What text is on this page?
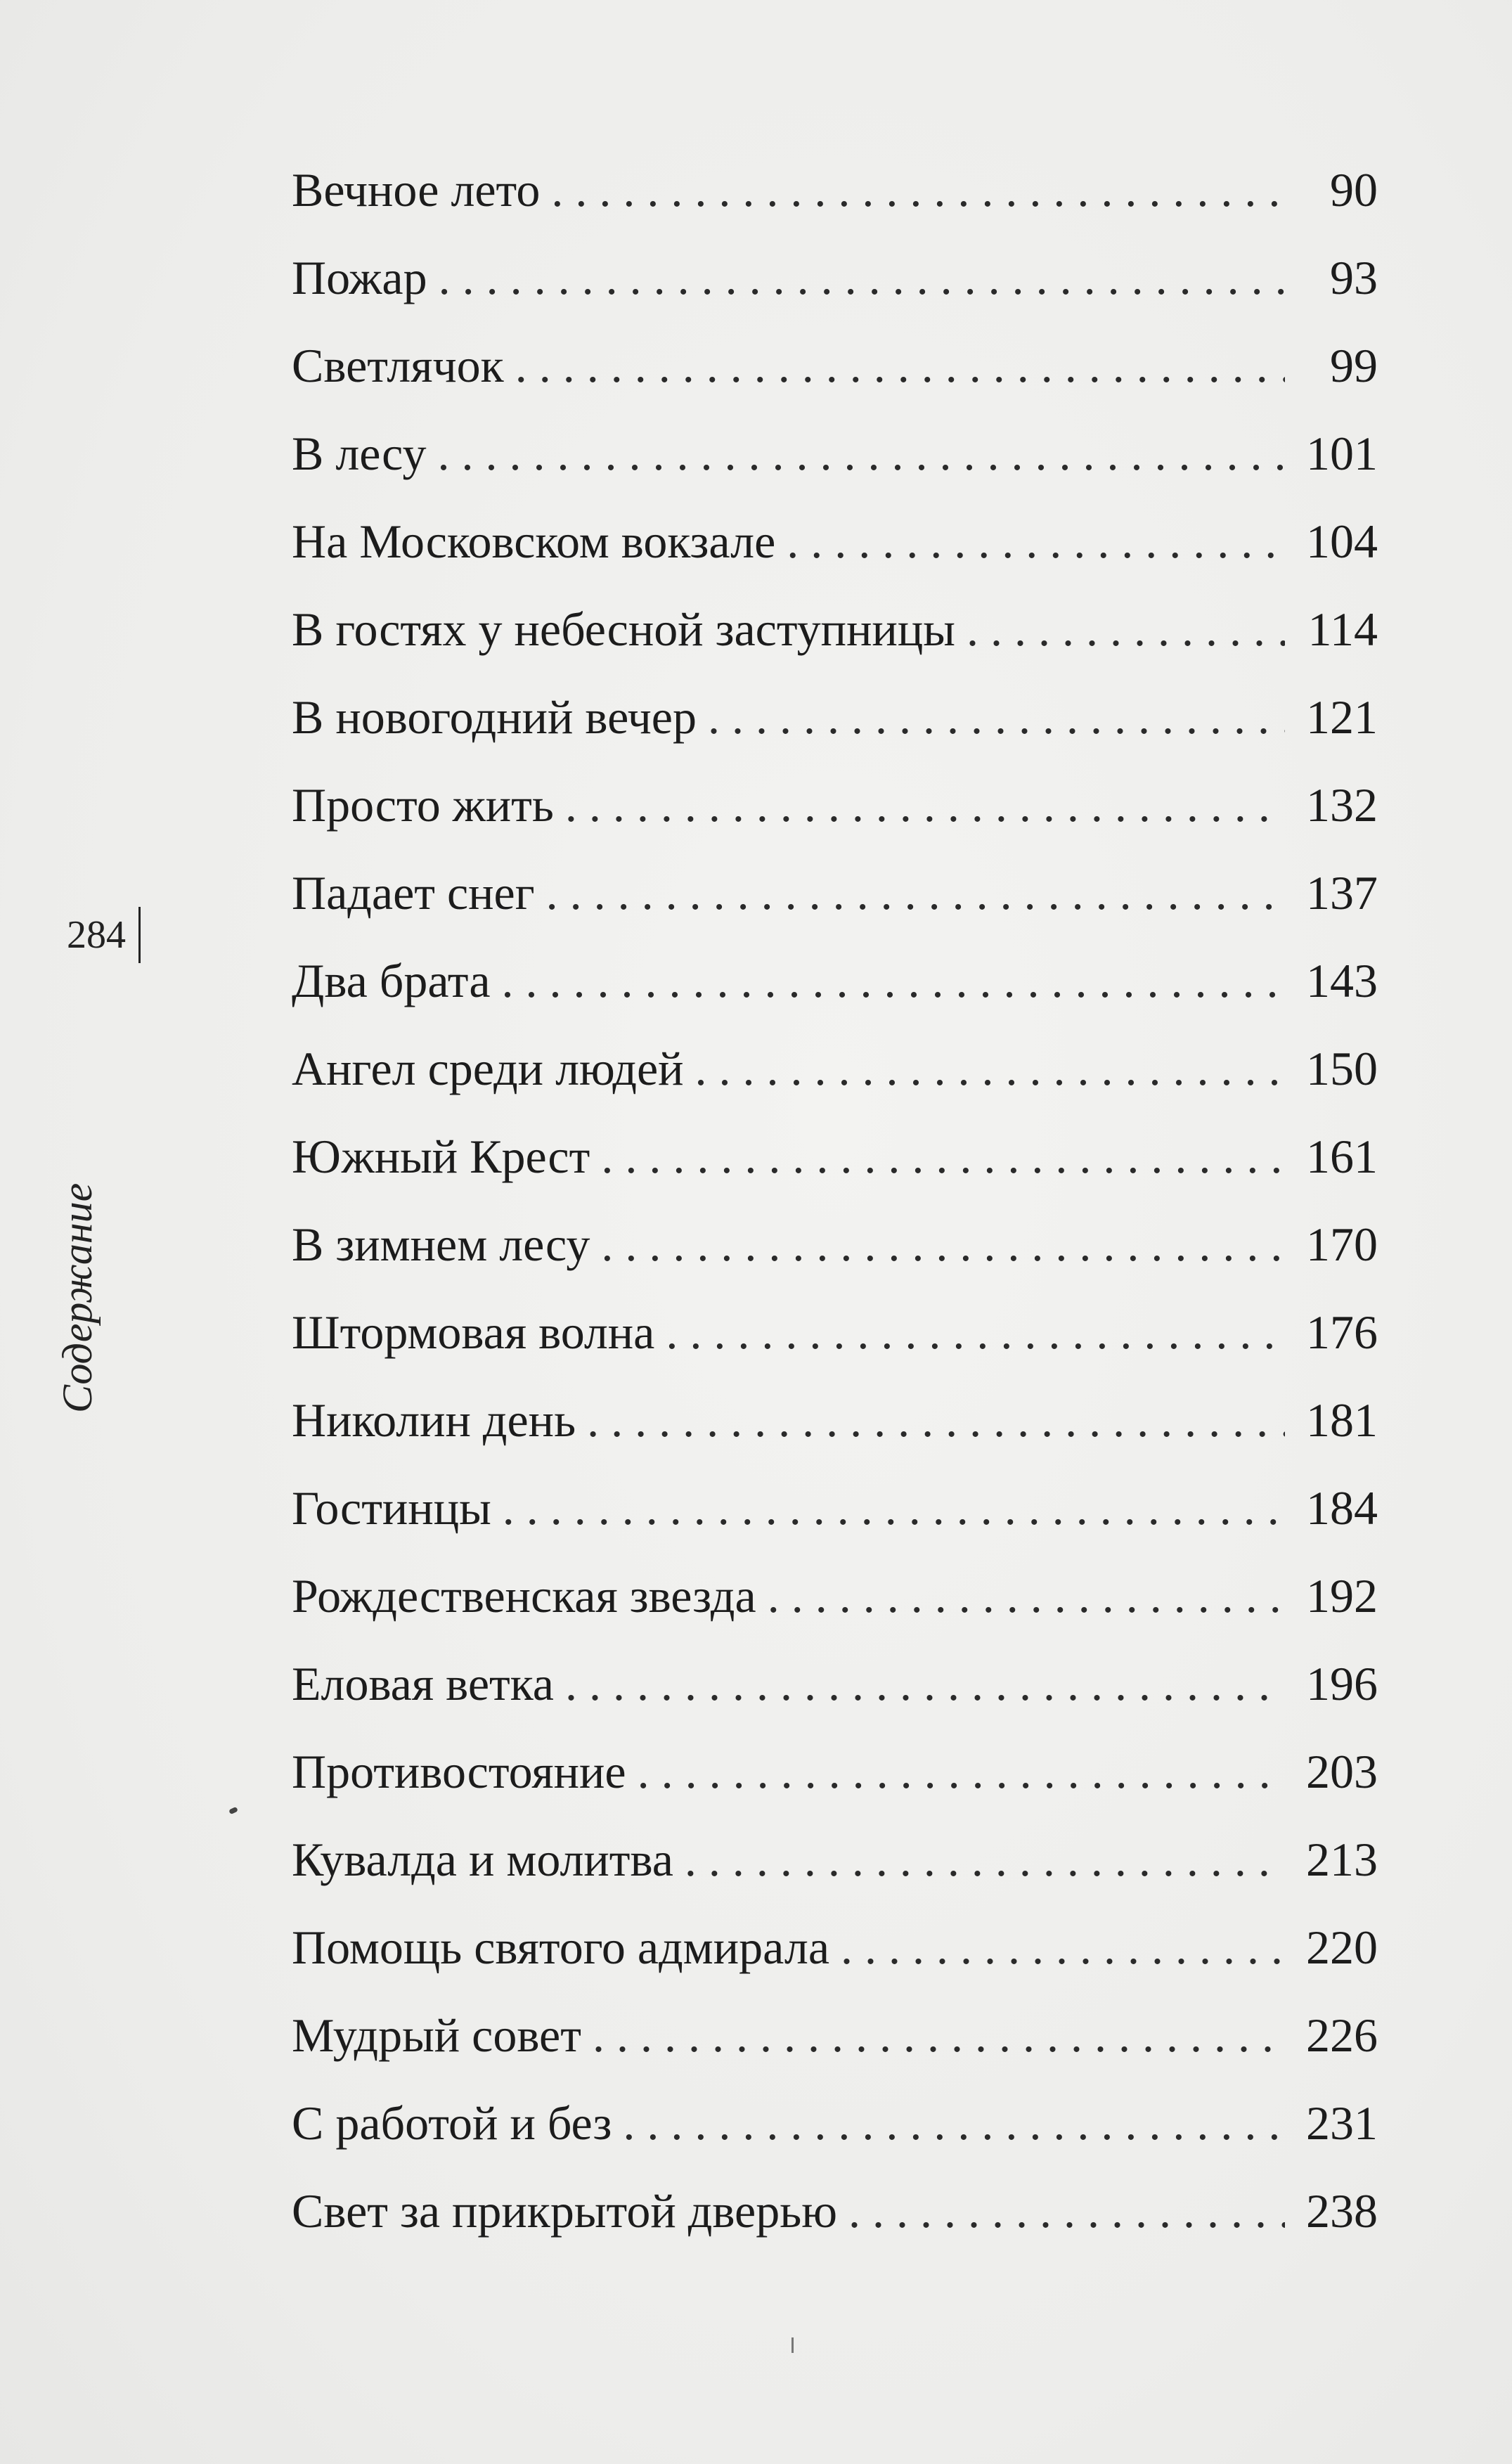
284
Содержание
Вечное лето . . .	90
Пожар . . .	93
Светлячок . . .	99
В лесу . . .	101
На Московском вокзале . . .	104
В гостях у небесной заступницы . . .	114
В новогодний вечер . . .	121
Просто жить . . .	132
Падает снег . . .	137
Два брата . . .	143
Ангел среди людей . . .	150
Южный Крест . . .	161
В зимнем лесу . . .	170
Штормовая волна . . .	176
Николин день . . .	181
Гостинцы . . .	184
Рождественская звезда . . .	192
Еловая ветка . . .	196
Противостояние . . .	203
Кувалда и молитва . . .	213
Помощь святого адмирала . . .	220
Мудрый совет . . .	226
С работой и без . . .	231
Свет за прикрытой дверью . . .	238
